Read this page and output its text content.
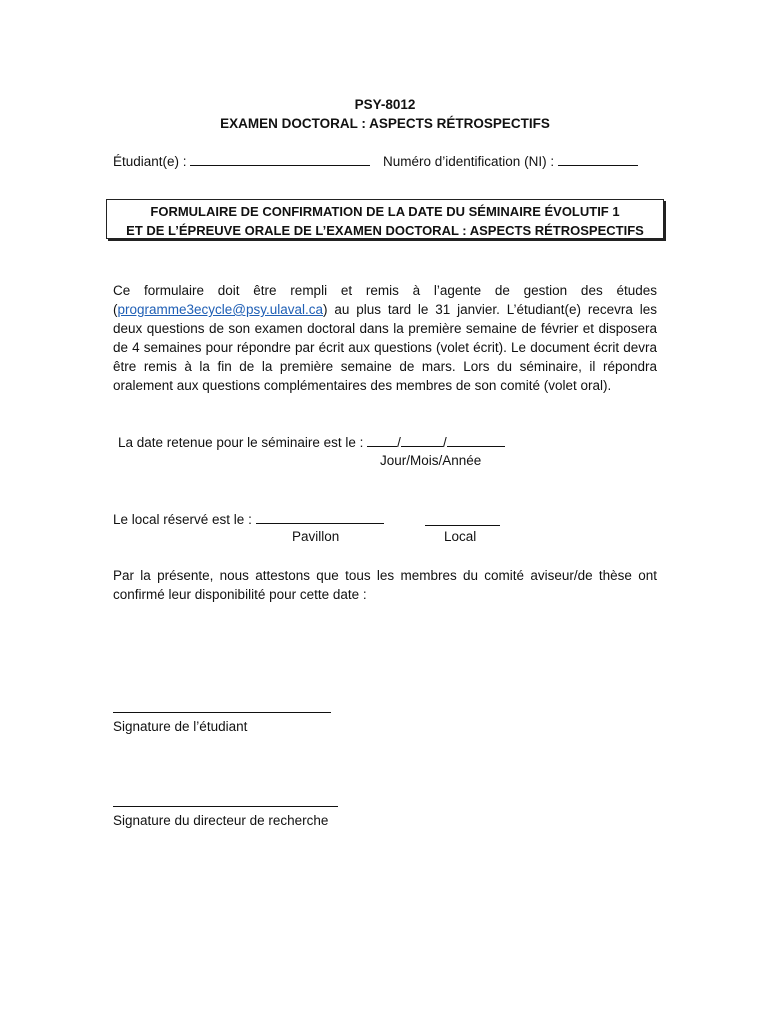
PSY-8012
EXAMEN DOCTORAL : ASPECTS RÉTROSPECTIFS
Étudiant(e) :	Numéro d’identification (NI) :
FORMULAIRE DE CONFIRMATION DE LA DATE DU SÉMINAIRE ÉVOLUTIF 1
ET DE L’ÉPREUVE ORALE DE L’EXAMEN DOCTORAL : ASPECTS RÉTROSPECTIFS
Ce formulaire doit être rempli et remis à l’agente de gestion des études (programme3ecycle@psy.ulaval.ca) au plus tard le 31 janvier. L’étudiant(e) recevra les deux questions de son examen doctoral dans la première semaine de février et disposera de 4 semaines pour répondre par écrit aux questions (volet écrit). Le document écrit devra être remis à la fin de la première semaine de mars. Lors du séminaire, il répondra oralement aux questions complémentaires des membres de son comité (volet oral).
La date retenue pour le séminaire est le :	/	/
Jour/Mois/Année
Le local réservé est le :
Pavillon	Local
Par la présente, nous attestons que tous les membres du comité aviseur/de thèse ont confirmé leur disponibilité pour cette date :
Signature de l’étudiant
Signature du directeur de recherche
